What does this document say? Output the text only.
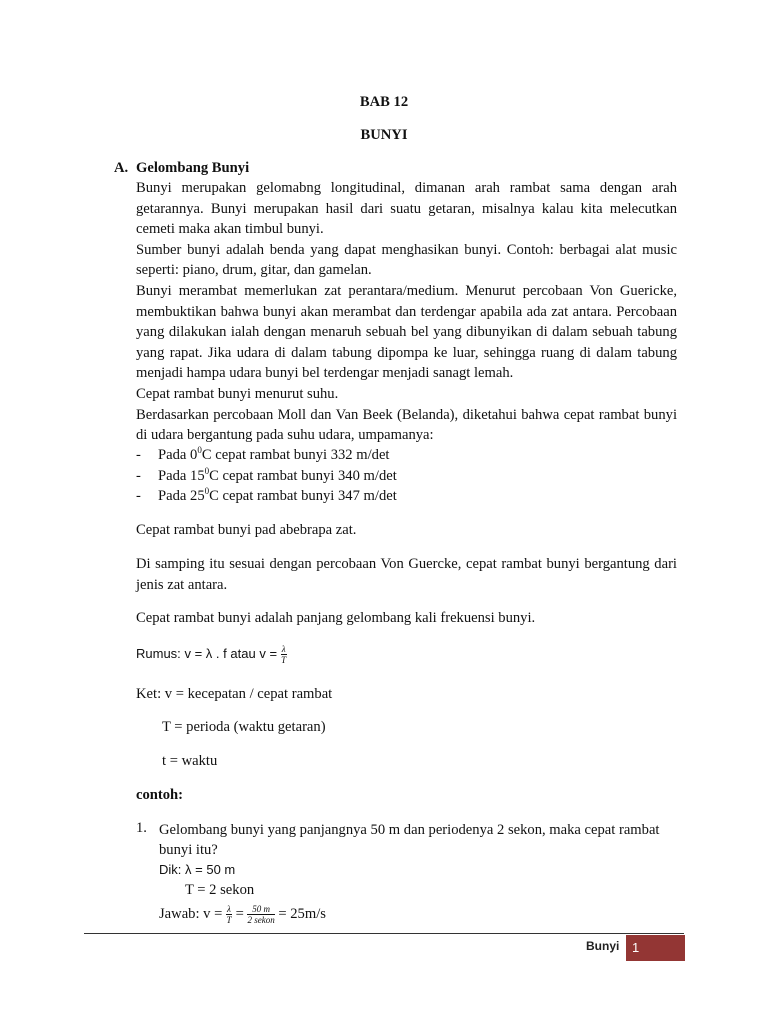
BAB 12
BUNYI
A. Gelombang Bunyi

Bunyi merupakan gelomabng longitudinal, dimanan arah rambat sama dengan arah getarannya. Bunyi merupakan hasil dari suatu getaran, misalnya kalau kita melecutkan cemeti maka akan timbul bunyi.

Sumber bunyi adalah benda yang dapat menghasikan bunyi. Contoh: berbagai alat music seperti: piano, drum, gitar, dan gamelan.

Bunyi merambat memerlukan zat perantara/medium. Menurut percobaan Von Guericke, membuktikan bahwa bunyi akan merambat dan terdengar apabila ada zat antara. Percobaan yang dilakukan ialah dengan menaruh sebuah bel yang dibunyikan di dalam sebuah tabung yang rapat. Jika udara di dalam tabung dipompa ke luar, sehingga ruang di dalam tabung menjadi hampa udara bunyi bel terdengar menjadi sanagt lemah.

Cepat rambat bunyi menurut suhu.

Berdasarkan percobaan Moll dan Van Beek (Belanda), diketahui bahwa cepat rambat bunyi di udara bergantung pada suhu udara, umpamanya:

- Pada $0^0C$ cepat rambat bunyi 332 m/det
- Pada $15^0C$ cepat rambat bunyi 340 m/det
- Pada $25^0C$ cepat rambat bunyi 347 m/det
Cepat rambat bunyi pad abebrapa zat.
Di samping itu sesuai dengan percobaan Von Guercke, cepat rambat bunyi bergantung dari jenis zat antara.
Cepat rambat bunyi adalah panjang gelombang kali frekuensi bunyi.
Rumus: v = λ . f atau $v = \frac{\lambda}{T}$
Ket: v = kecepatan / cepat rambat
T = perioda (waktu getaran)
t = waktu
contoh:
1. Gelombang bunyi yang panjangnya 50 m dan periodenya 2 sekon, maka cepat rambat
bunyi itu?
Dik: λ = 50 m
T = 2 sekon
Jawab: $v = \frac{\lambda}{T} = \frac{50 m}{\text{2 sekon}} = 25m/s$
Bunyi 1
